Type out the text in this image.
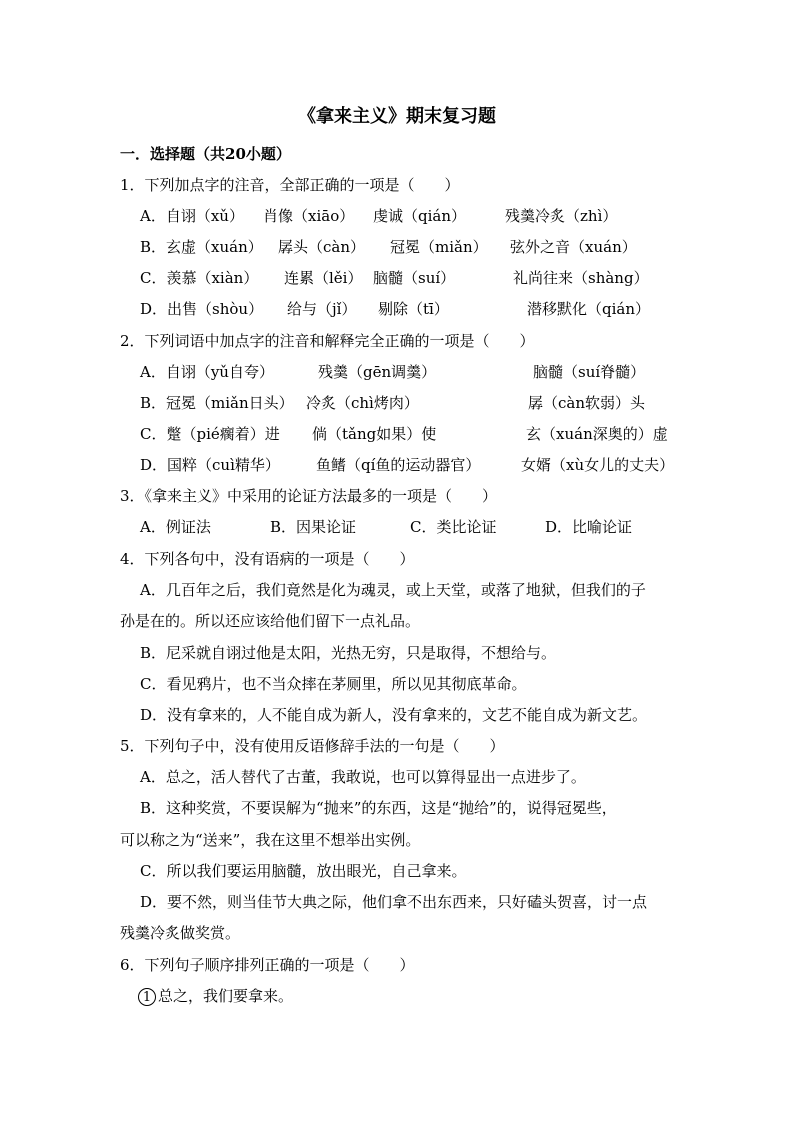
《拿来主义》期末复习题
一．选择题（共20小题）
1．下列加点字的注音，全部正确的一项是（　　）
A．自诩（xǔ） 肖像（xiāo） 虔诚（qián）	残羹冷炙（zhì）
B．玄虚（xuán） 孱头（càn） 冠冕（miǎn） 弦外之音（xuán）
C．羡慕（xiàn） 连累（lěi） 脑髓（suí）	礼尚往来（shàng）
D．出售（shòu） 给与（jǐ） 剔除（tī）	潜移默化（qián）
2．下列词语中加点字的注音和解释完全正确的一项是（　　）
A．自诩（yǔ自夸）	残羹（gēn调羹）	脑髓（suí脊髓）
B．冠冕（miǎn日头） 冷炙（chì烤肉）	孱（càn软弱）头
C．蹩（pié瘸着）进 倘（tǎng如果）使	玄（xuán深奥的）虚
D．国粹（cuì精华） 鱼鳍（qí鱼的运动器官）	女婿（xù女儿的丈夫）
3．《拿来主义》中采用的论证方法最多的一项是（　　）
A．例证法	B．因果论证	C．类比论证	D．比喻论证
4．下列各句中，没有语病的一项是（　　）
A．几百年之后，我们竟然是化为魂灵，或上天堂，或落了地狱，但我们的子
孙是在的。所以还应该给他们留下一点礼品。
B．尼采就自诩过他是太阳，光热无穷，只是取得，不想给与。
C．看见鸦片，也不当众摔在茅厕里，所以见其彻底革命。
D．没有拿来的，人不能自成为新人，没有拿来的，文艺不能自成为新文艺。
5．下列句子中，没有使用反语修辞手法的一句是（　　）
A．总之，活人替代了古董，我敢说，也可以算得显出一点进步了。
B．这种奖赏，不要误解为“抛来”的东西，这是“抛给”的，说得冠冕些，
可以称之为“送来”，我在这里不想举出实例。
C．所以我们要运用脑髓，放出眼光，自己拿来。
D．要不然，则当佳节大典之际，他们拿不出东西来，只好磕头贺喜，讨一点
残羹冷炙做奖赏。
6．下列句子顺序排列正确的一项是（　　）
1 总之，我们要拿来。
